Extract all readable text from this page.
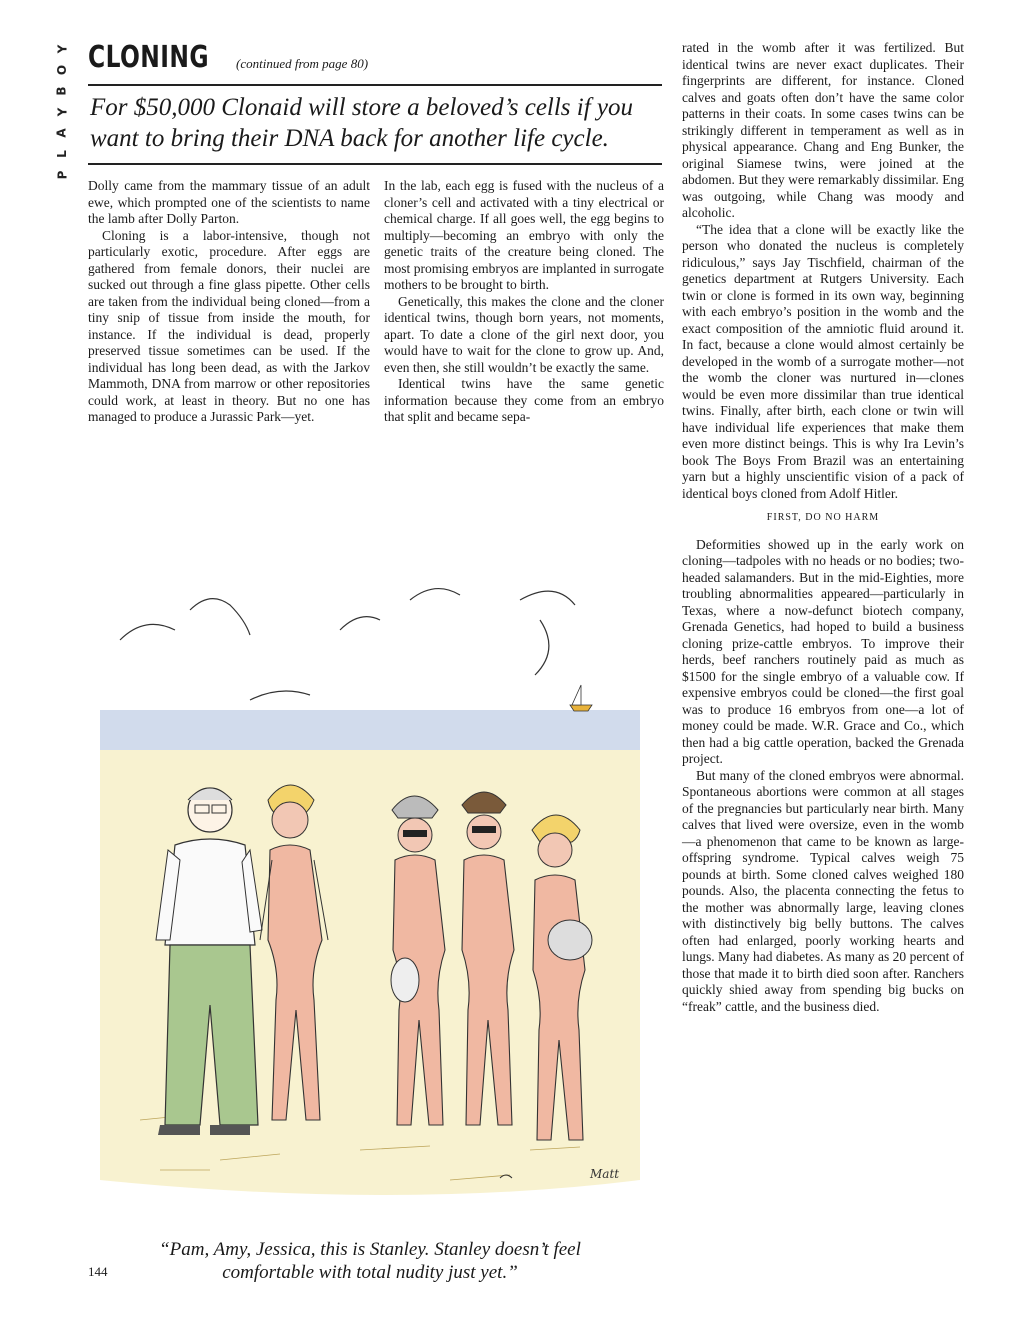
Y
O
B
Y
A
L
P
CLONING (continued from page 80)
For $50,000 Clonaid will store a beloved’s cells if you want to bring their DNA back for another life cycle.

Dolly came from the mammary tissue of an adult ewe, which prompted one of the scientists to name the lamb after Dolly Parton.

Cloning is a labor-intensive, though not particularly exotic, procedure. After eggs are gathered from female donors, their nuclei are sucked out through a fine glass pipette. Other cells are taken from the individual being cloned—from a tiny snip of tissue from inside the mouth, for instance. If the individual is dead, properly preserved tissue sometimes can be used. If the individual has long been dead, as with the Jarkov Mammoth, DNA from marrow or other repositories could work, at least in theory. But no one has managed to produce a Jurassic Park—yet.

In the lab, each egg is fused with the nucleus of a cloner’s cell and activated with a tiny electrical or chemical charge. If all goes well, the egg begins to multiply—becoming an embryo with only the genetic traits of the creature being cloned. The most promising embryos are implanted in surrogate mothers to be brought to birth.

Genetically, this makes the clone and the cloner identical twins, though born years, not moments, apart. To date a clone of the girl next door, you would have to wait for the clone to grow up. And, even then, she still wouldn’t be exactly the same.

Identical twins have the same genetic information because they come from an embryo that split and became sepa-

rated in the womb after it was fertilized. But identical twins are never exact duplicates. Their fingerprints are different, for instance. Cloned calves and goats often don’t have the same color patterns in their coats. In some cases twins can be strikingly different in temperament as well as in physical appearance. Chang and Eng Bunker, the original Siamese twins, were joined at the abdomen. But they were remarkably dissimilar. Eng was outgoing, while Chang was moody and alcoholic.

“The idea that a clone will be exactly like the person who donated the nucleus is completely ridiculous,” says Jay Tischfield, chairman of the genetics department at Rutgers University. Each twin or clone is formed in its own way, beginning with each embryo’s position in the womb and the exact composition of the amniotic fluid around it. In fact, because a clone would almost certainly be developed in the womb of a surrogate mother—not the womb the cloner was nurtured in—clones would be even more dissimilar than true identical twins. Finally, after birth, each clone or twin will have individual life experiences that make them even more distinct beings. This is why Ira Levin’s book The Boys From Brazil was an entertaining yarn but a highly unscientific vision of a pack of identical boys cloned from Adolf Hitler.

FIRST, DO NO HARM

Deformities showed up in the early work on cloning—tadpoles with no heads or no bodies; two-headed salamanders. But in the mid-Eighties, more troubling abnormalities appeared—particularly in Texas, where a now-defunct biotech company, Grenada Genetics, had hoped to build a business cloning prize-cattle embryos. To improve their herds, beef ranchers routinely paid as much as $1500 for the single embryo of a valuable cow. If expensive embryos could be cloned—the first goal was to produce 16 embryos from one—a lot of money could be made. W.R. Grace and Co., which then had a big cattle operation, backed the Grenada project.

But many of the cloned embryos were abnormal. Spontaneous abortions were common at all stages of the pregnancies but particularly near birth. Many calves that lived were oversize, even in the womb—a phenomenon that came to be known as large-offspring syndrome. Typical calves weigh 75 pounds at birth. Some cloned calves weighed 180 pounds. Also, the placenta connecting the fetus to the mother was abnormally large, leaving clones with distinctively big belly buttons. The calves often had enlarged, poorly working hearts and lungs. Many had diabetes. As many as 20 percent of those that made it to birth died soon after. Ranchers quickly shied away from spending big bucks on “freak” cattle, and the business died.

Matt
“Pam, Amy, Jessica, this is Stanley. Stanley doesn’t feel comfortable with total nudity just yet.”
144
